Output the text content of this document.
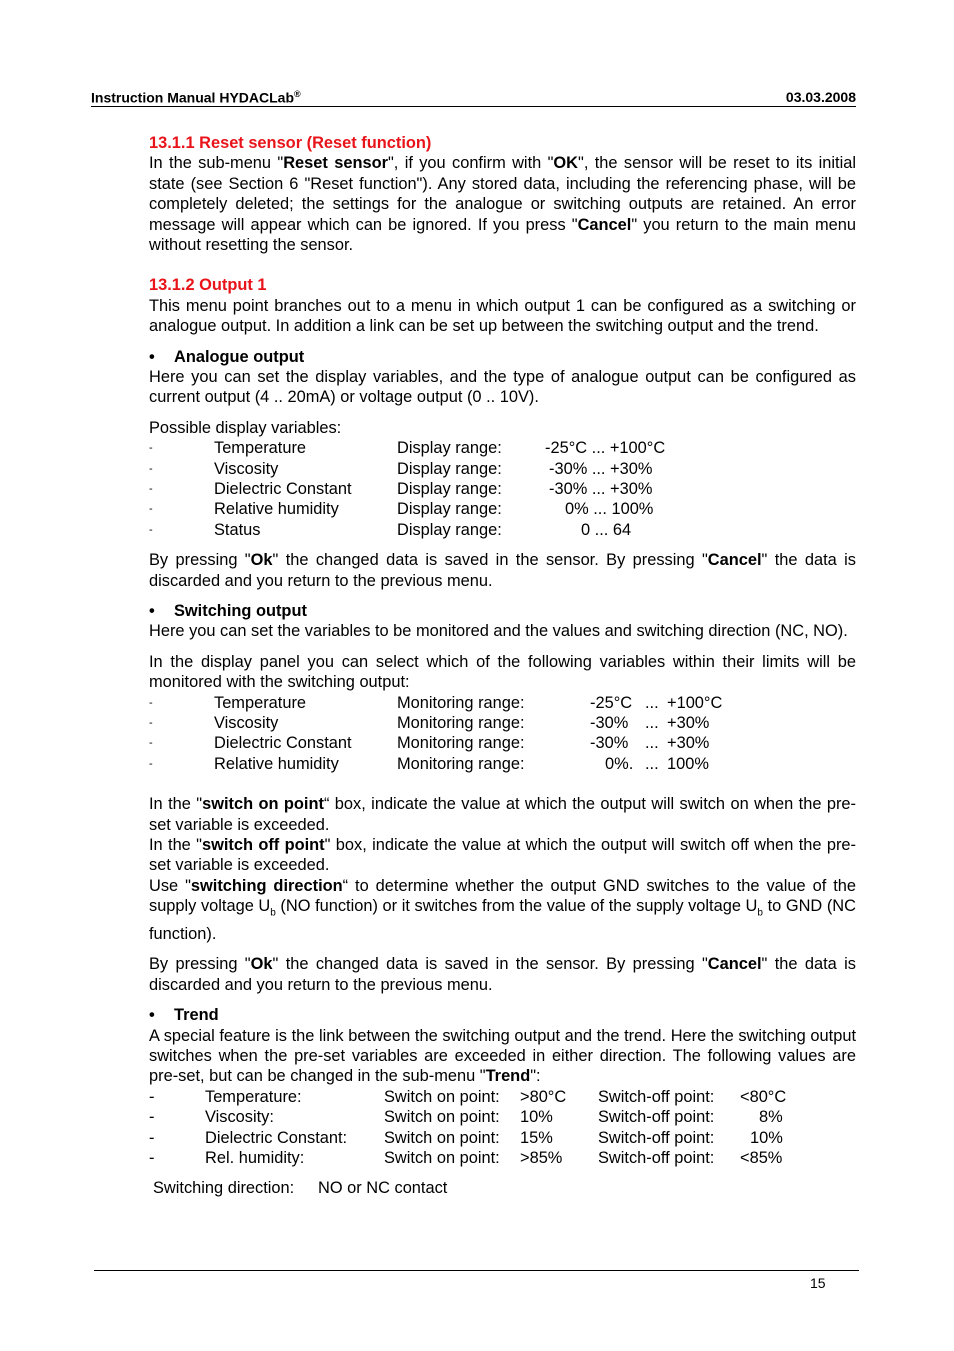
Instruction Manual HYDACLab®	03.03.2008
13.1.1 Reset sensor (Reset function)

In the sub-menu "Reset sensor", if you confirm with "OK", the sensor will be reset to its initial state (see Section 6 "Reset function"). Any stored data, including the referencing phase, will be completely deleted; the settings for the analogue or switching outputs are retained. An error message will appear which can be ignored. If you press "Cancel" you return to the main menu without resetting the sensor.

13.1.2 Output 1

This menu point branches out to a menu in which output 1 can be configured as a switching or analogue output. In addition a link can be set up between the switching output and the trend.

• Analogue output

Here you can set the display variables, and the type of analogue output can be configured as current output (4 .. 20mA) or voltage output (0 .. 10V).

Possible display variables:

-	Temperature	Display range:	-25°C ... +100°C
-	Viscosity	Display range:	-30% ... +30%
-	Dielectric Constant	Display range:	-30% ... +30%
-	Relative humidity	Display range:	0% ... 100%
-	Status	Display range:	0 ... 64

By pressing "Ok" the changed data is saved in the sensor. By pressing "Cancel" the data is discarded and you return to the previous menu.

• Switching output

Here you can set the variables to be monitored and the values and switching direction (NC, NO).

In the display panel you can select which of the following variables within their limits will be monitored with the switching output:

-	Temperature	Monitoring range:	-25°C ... +100°C
-	Viscosity	Monitoring range:	-30% ... +30%
-	Dielectric Constant	Monitoring range:	-30% ... +30%
-	Relative humidity	Monitoring range:	0%. ... 100%

In the "switch on point“ box, indicate the value at which the output will switch on when the pre-set variable is exceeded.

In the "switch off point" box, indicate the value at which the output will switch off when the pre-set variable is exceeded.

Use "switching direction“ to determine whether the output GND switches to the value of the supply voltage $U_b$ (NO function) or it switches from the value of the supply voltage $U_b$ to GND (NC function).

By pressing "Ok" the changed data is saved in the sensor. By pressing "Cancel" the data is discarded and you return to the previous menu.

• Trend

A special feature is the link between the switching output and the trend. Here the switching output switches when the pre-set variables are exceeded in either direction. The following values are pre-set, but can be changed in the sub-menu "Trend":

-	Temperature:	Switch on point: >80°C Switch-off point: <80°C
-	Viscosity:	Switch on point: 10%	Switch-off point:	8%
-	Dielectric Constant: Switch on point: 15%	Switch-off point: 10%
-	Rel. humidity:	Switch on point: >85% Switch-off point: <85%
Switching direction: NO or NC contact
15
